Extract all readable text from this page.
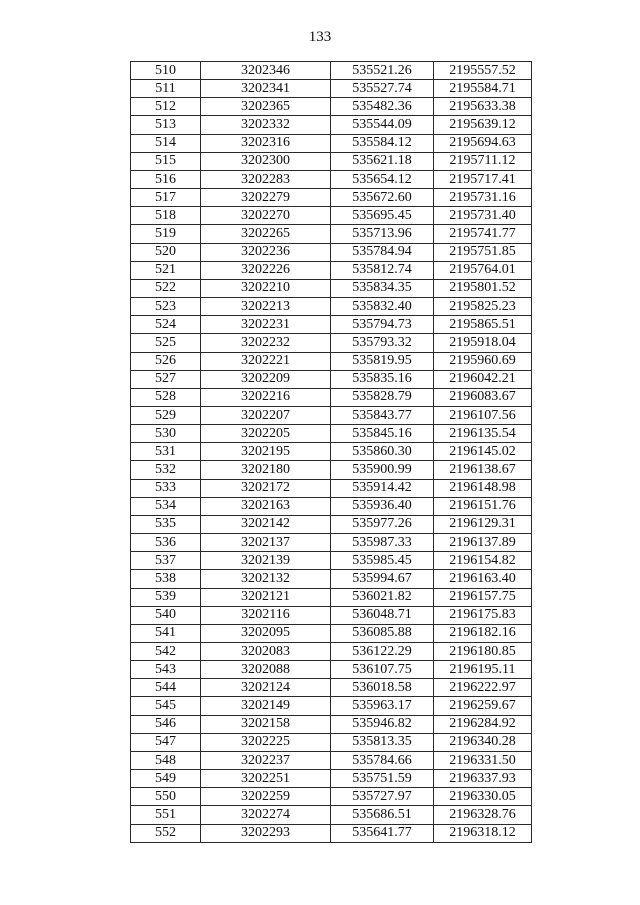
133
510	3202346	535521.26	2195557.52
511	3202341	535527.74	2195584.71
512	3202365	535482.36	2195633.38
513	3202332	535544.09	2195639.12
514	3202316	535584.12	2195694.63
515	3202300	535621.18	2195711.12
516	3202283	535654.12	2195717.41
517	3202279	535672.60	2195731.16
518	3202270	535695.45	2195731.40
519	3202265	535713.96	2195741.77
520	3202236	535784.94	2195751.85
521	3202226	535812.74	2195764.01
522	3202210	535834.35	2195801.52
523	3202213	535832.40	2195825.23
524	3202231	535794.73	2195865.51
525	3202232	535793.32	2195918.04
526	3202221	535819.95	2195960.69
527	3202209	535835.16	2196042.21
528	3202216	535828.79	2196083.67
529	3202207	535843.77	2196107.56
530	3202205	535845.16	2196135.54
531	3202195	535860.30	2196145.02
532	3202180	535900.99	2196138.67
533	3202172	535914.42	2196148.98
534	3202163	535936.40	2196151.76
535	3202142	535977.26	2196129.31
536	3202137	535987.33	2196137.89
537	3202139	535985.45	2196154.82
538	3202132	535994.67	2196163.40
539	3202121	536021.82	2196157.75
540	3202116	536048.71	2196175.83
541	3202095	536085.88	2196182.16
542	3202083	536122.29	2196180.85
543	3202088	536107.75	2196195.11
544	3202124	536018.58	2196222.97
545	3202149	535963.17	2196259.67
546	3202158	535946.82	2196284.92
547	3202225	535813.35	2196340.28
548	3202237	535784.66	2196331.50
549	3202251	535751.59	2196337.93
550	3202259	535727.97	2196330.05
551	3202274	535686.51	2196328.76
552	3202293	535641.77	2196318.12
